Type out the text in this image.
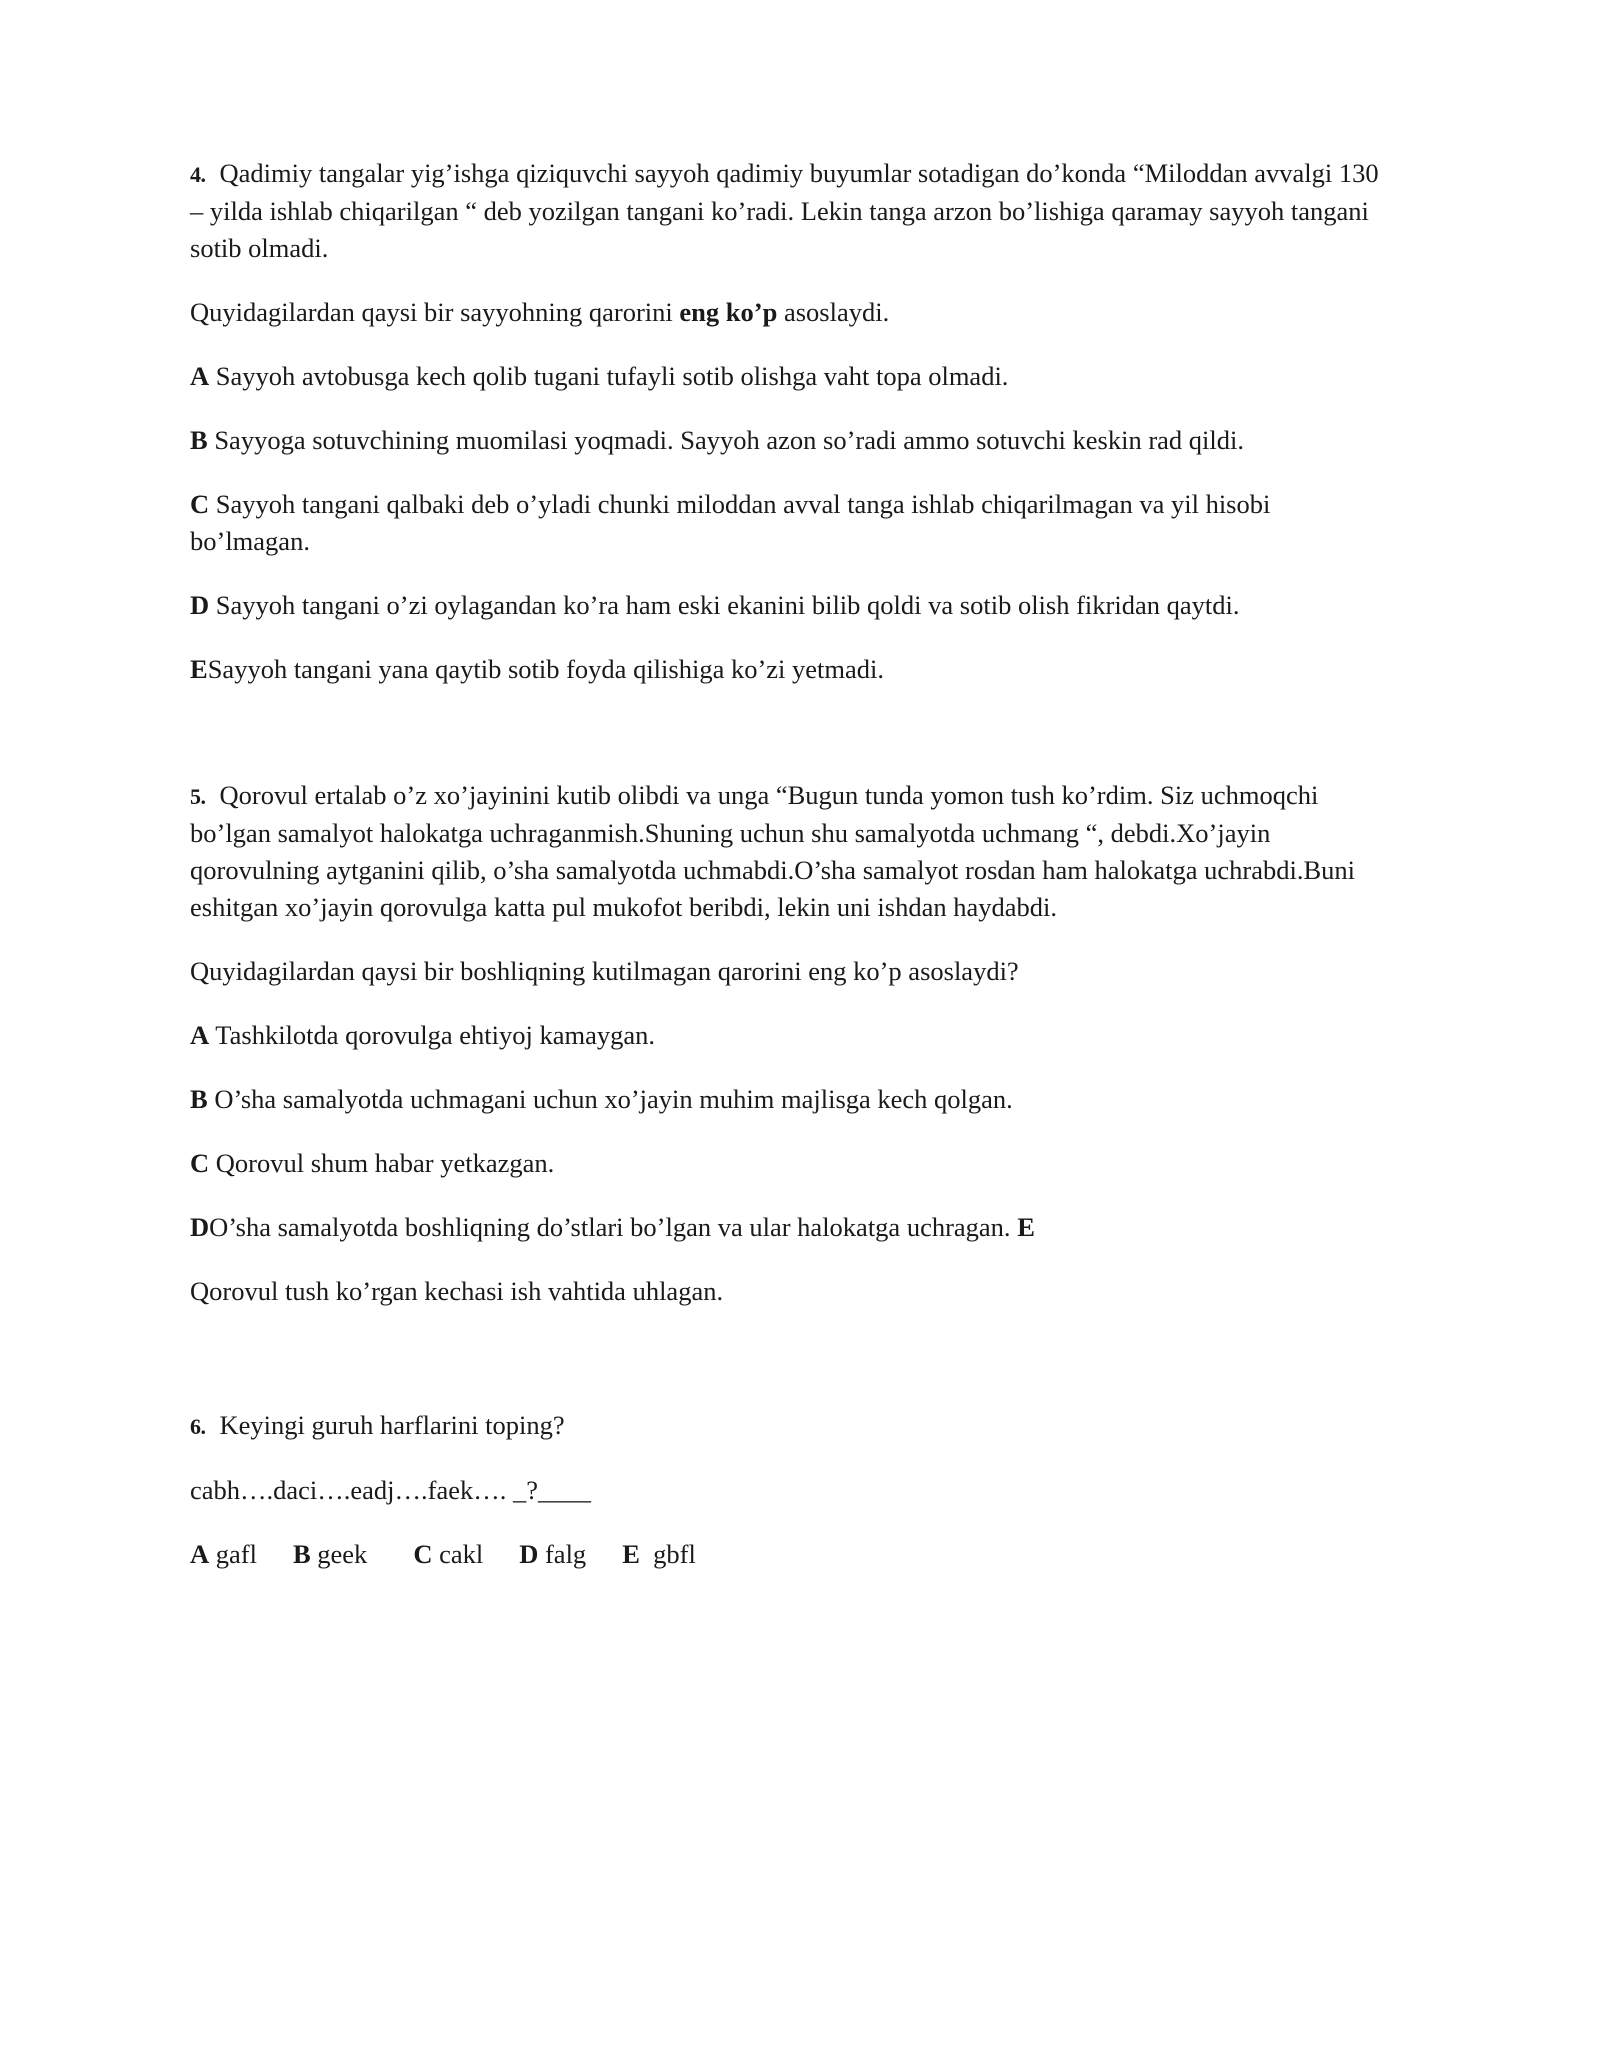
4. Qadimiy tangalar yig’ishga qiziquvchi sayyoh qadimiy buyumlar sotadigan do’konda “Miloddan avvalgi 130 – yilda ishlab chiqarilgan “ deb yozilgan tangani ko’radi. Lekin tanga arzon bo’lishiga qaramay sayyoh tangani sotib olmadi.

Quyidagilardan qaysi bir sayyohning qarorini eng ko’p asoslaydi.

A Sayyoh avtobusga kech qolib tugani tufayli sotib olishga vaht topa olmadi.

B Sayyoga sotuvchining muomilasi yoqmadi. Sayyoh azon so’radi ammo sotuvchi keskin rad qildi.

C Sayyoh tangani qalbaki deb o’yladi chunki miloddan avval tanga ishlab chiqarilmagan va yil hisobi bo’lmagan.

D Sayyoh tangani o’zi oylagandan ko’ra ham eski ekanini bilib qoldi va sotib olish fikridan qaytdi.

ESayyoh tangani yana qaytib sotib foyda qilishiga ko’zi yetmadi.

5. Qorovul ertalab o’z xo’jayinini kutib olibdi va unga “Bugun tunda yomon tush ko’rdim. Siz uchmoqchi bo’lgan samalyot halokatga uchraganmish.Shuning uchun shu samalyotda uchmang “, debdi.Xo’jayin qorovulning aytganini qilib, o’sha samalyotda uchmabdi.O’sha samalyot rosdan ham halokatga uchrabdi.Buni eshitgan xo’jayin qorovulga katta pul mukofot beribdi, lekin uni ishdan haydabdi.

Quyidagilardan qaysi bir boshliqning kutilmagan qarorini eng ko’p asoslaydi?

A Tashkilotda qorovulga ehtiyoj kamaygan.

B O’sha samalyotda uchmagani uchun xo’jayin muhim majlisga kech qolgan.

C Qorovul shum habar yetkazgan.

DO’sha samalyotda boshliqning do’stlari bo’lgan va ular halokatga uchragan. E

Qorovul tush ko’rgan kechasi ish vahtida uhlagan.

6. Keyingi guruh harflarini toping?

cabh….daci….eadj….faek…. _?____

A gafl B geek C cakl D falg E  gbfl
